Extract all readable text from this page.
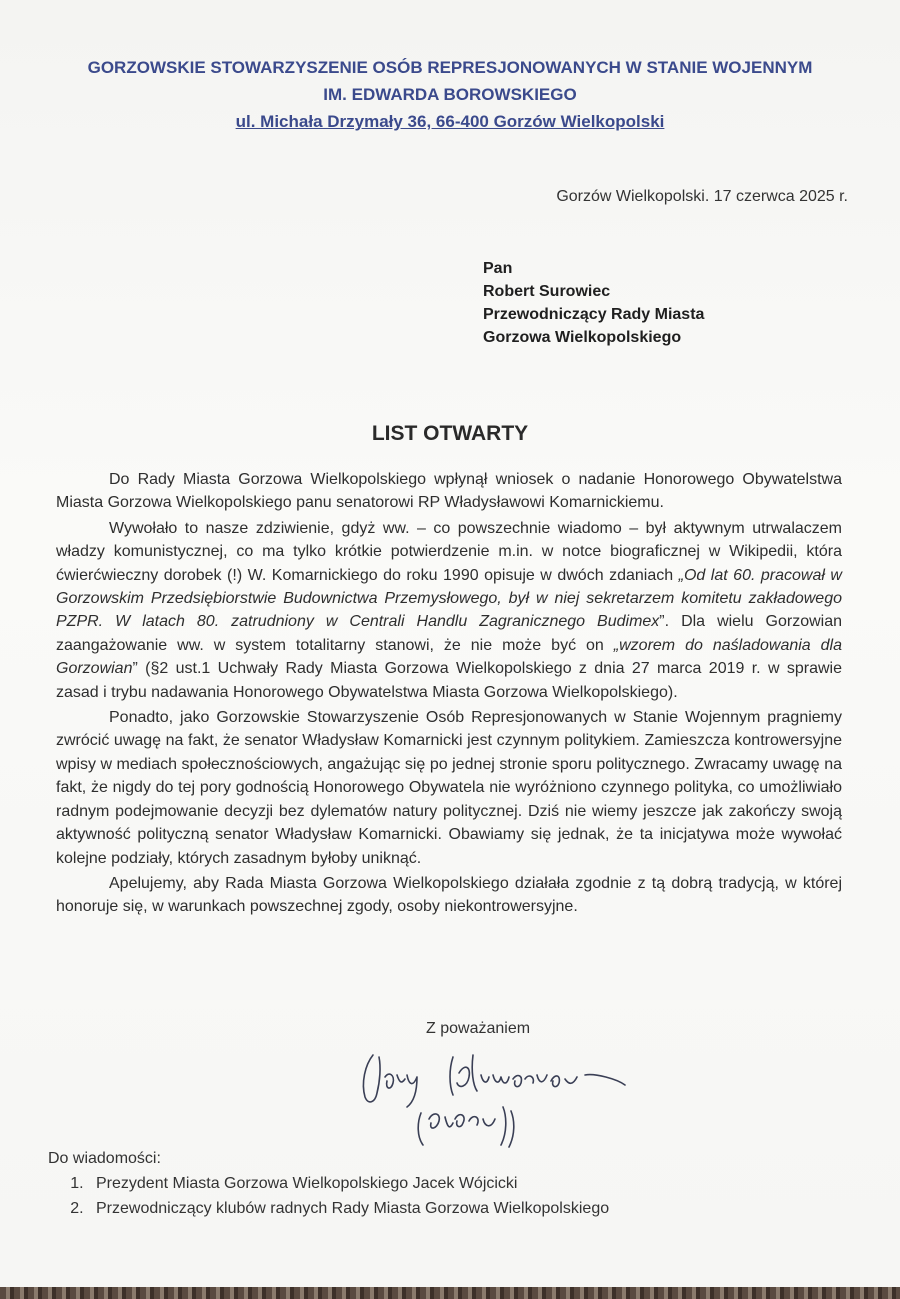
GORZOWSKIE STOWARZYSZENIE OSÓB REPRESJONOWANYCH W STANIE WOJENNYM
IM. EDWARDA BOROWSKIEGO
ul. Michała Drzymały 36, 66-400 Gorzów Wielkopolski
Gorzów Wielkopolski. 17 czerwca 2025 r.
Pan
Robert Surowiec
Przewodniczący Rady Miasta
Gorzowa Wielkopolskiego
LIST OTWARTY

Do Rady Miasta Gorzowa Wielkopolskiego wpłynął wniosek o nadanie Honorowego Obywatelstwa Miasta Gorzowa Wielkopolskiego panu senatorowi RP Władysławowi Komarnickiemu.

Wywołało to nasze zdziwienie, gdyż ww. – co powszechnie wiadomo – był aktywnym utrwalaczem władzy komunistycznej, co ma tylko krótkie potwierdzenie m.in. w notce biograficznej w Wikipedii, która ćwierćwieczny dorobek (!) W. Komarnickiego do roku 1990 opisuje w dwóch zdaniach „Od lat 60. pracował w Gorzowskim Przedsiębiorstwie Budownictwa Przemysłowego, był w niej sekretarzem komitetu zakładowego PZPR. W latach 80. zatrudniony w Centrali Handlu Zagranicznego Budimex”. Dla wielu Gorzowian zaangażowanie ww. w system totalitarny stanowi, że nie może być on „wzorem do naśladowania dla Gorzowian” (§2 ust.1 Uchwały Rady Miasta Gorzowa Wielkopolskiego z dnia 27 marca 2019 r. w sprawie zasad i trybu nadawania Honorowego Obywatelstwa Miasta Gorzowa Wielkopolskiego).

Ponadto, jako Gorzowskie Stowarzyszenie Osób Represjonowanych w Stanie Wojennym pragniemy zwrócić uwagę na fakt, że senator Władysław Komarnicki jest czynnym politykiem. Zamieszcza kontrowersyjne wpisy w mediach społecznościowych, angażując się po jednej stronie sporu politycznego. Zwracamy uwagę na fakt, że nigdy do tej pory godnością Honorowego Obywatela nie wyróżniono czynnego polityka, co umożliwiało radnym podejmowanie decyzji bez dylematów natury politycznej. Dziś nie wiemy jeszcze jak zakończy swoją aktywność polityczną senator Władysław Komarnicki. Obawiamy się jednak, że ta inicjatywa może wywołać kolejne podziały, których zasadnym byłoby uniknąć.

Apelujemy, aby Rada Miasta Gorzowa Wielkopolskiego działała zgodnie z tą dobrą tradycją, w której honoruje się, w warunkach powszechnej zgody, osoby niekontrowersyjne.

Z poważaniem
Do wiadomości:
1. Prezydent Miasta Gorzowa Wielkopolskiego Jacek Wójcicki
2. Przewodniczący klubów radnych Rady Miasta Gorzowa Wielkopolskiego
